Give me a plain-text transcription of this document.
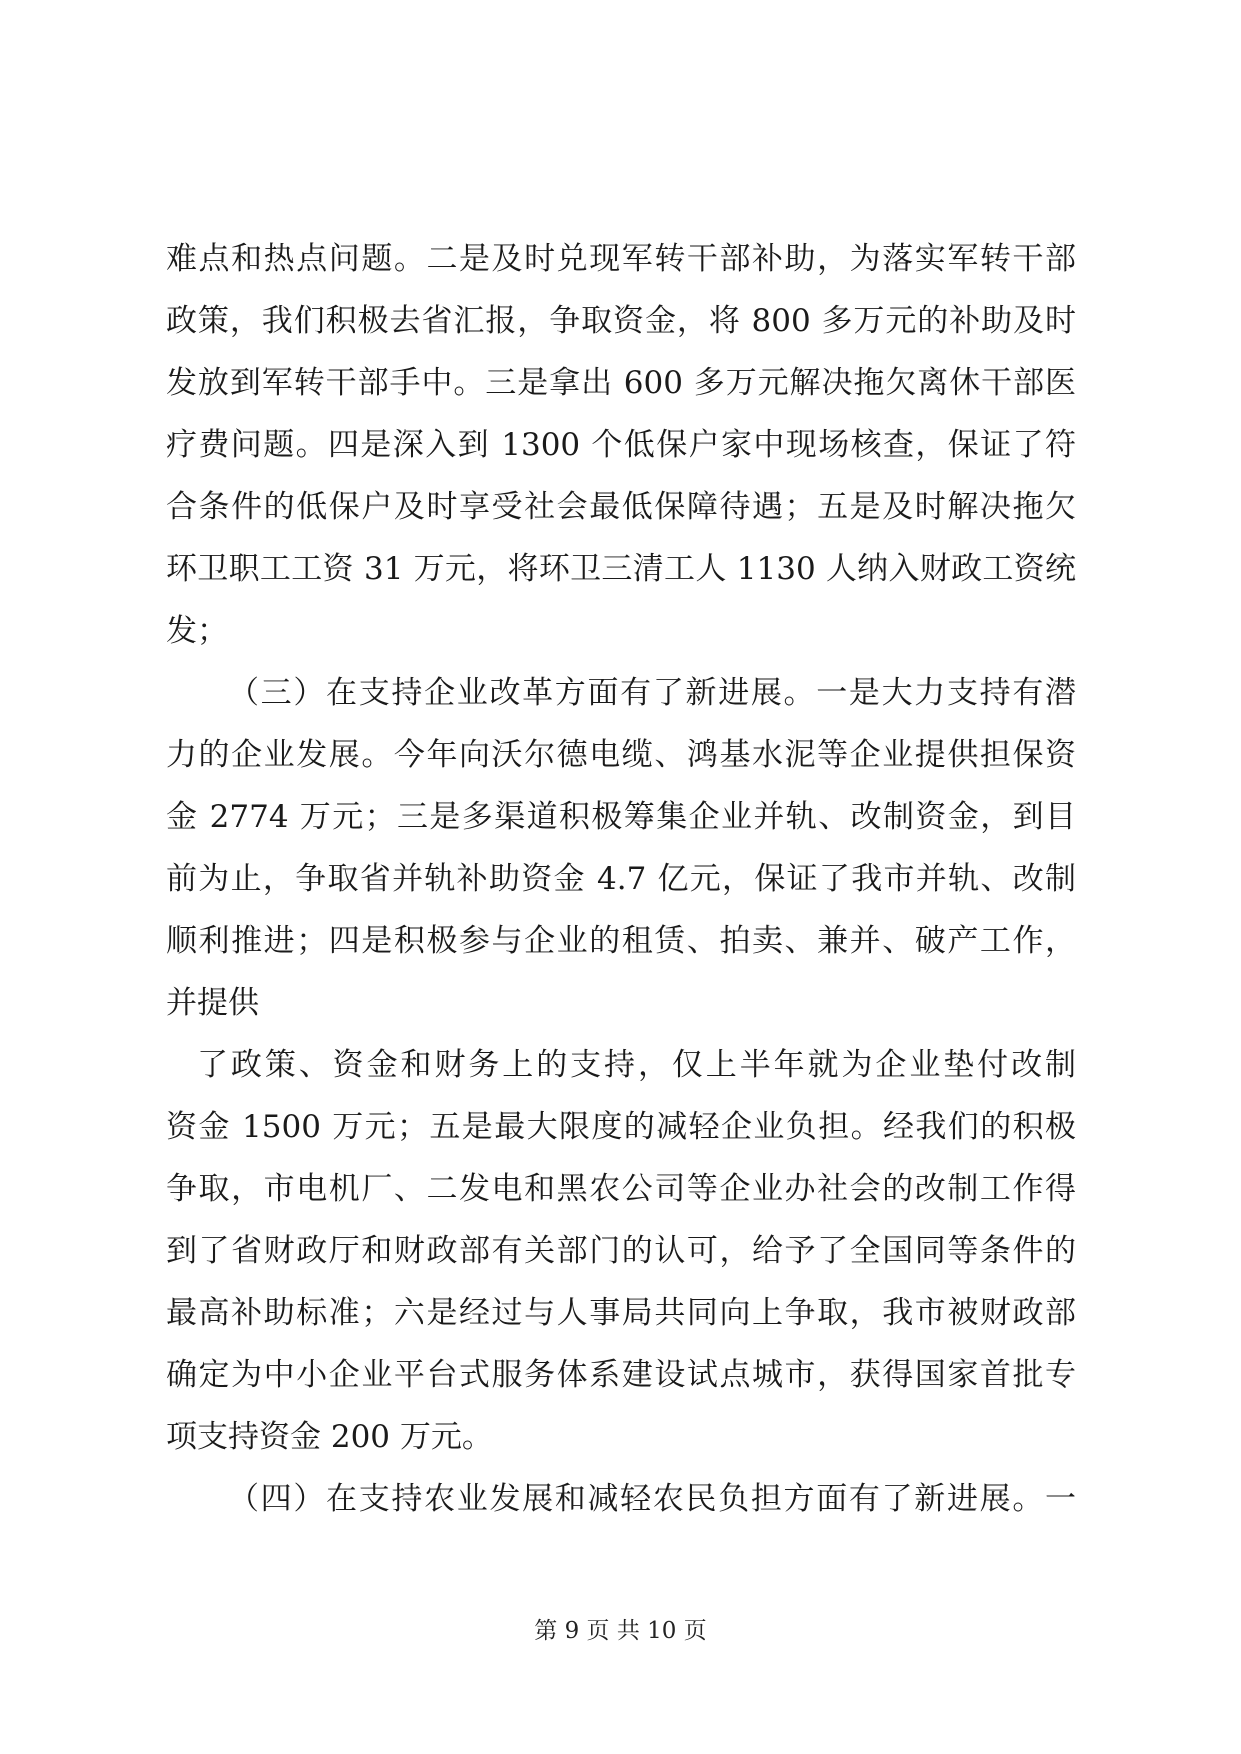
难点和热点问题。二是及时兑现军转干部补助，为落实军转干部
政策，我们积极去省汇报，争取资金，将 800 多万元的补助及时
发放到军转干部手中。三是拿出 600 多万元解决拖欠离休干部医
疗费问题。四是深入到 1300 个低保户家中现场核查，保证了符
合条件的低保户及时享受社会最低保障待遇；五是及时解决拖欠
环卫职工工资 31 万元，将环卫三清工人 1130 人纳入财政工资统
发；
（三）在支持企业改革方面有了新进展。一是大力支持有潜
力的企业发展。今年向沃尔德电缆、鸿基水泥等企业提供担保资
金 2774 万元；三是多渠道积极筹集企业并轨、改制资金，到目
前为止，争取省并轨补助资金 4.7 亿元，保证了我市并轨、改制
顺利推进；四是积极参与企业的租赁、拍卖、兼并、破产工作，
并提供
了政策、资金和财务上的支持，仅上半年就为企业垫付改制
资金 1500 万元；五是最大限度的减轻企业负担。经我们的积极
争取，市电机厂、二发电和黑农公司等企业办社会的改制工作得
到了省财政厅和财政部有关部门的认可，给予了全国同等条件的
最高补助标准；六是经过与人事局共同向上争取，我市被财政部
确定为中小企业平台式服务体系建设试点城市，获得国家首批专
项支持资金 200 万元。
（四）在支持农业发展和减轻农民负担方面有了新进展。一
第 9 页 共 10 页
